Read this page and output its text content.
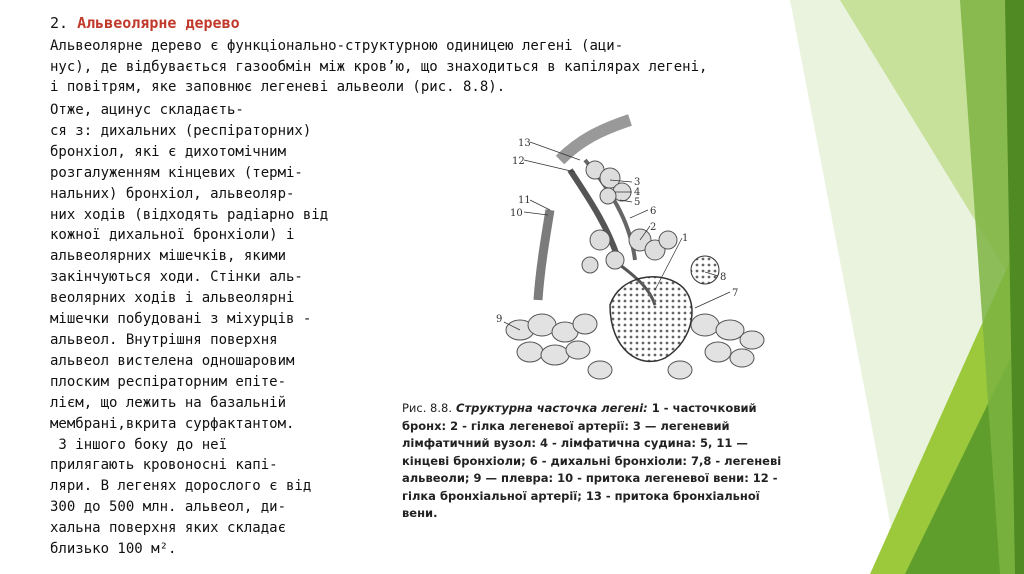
2. Альвеолярне дерево
Альвеолярне дерево є функціонально-структурною одиницею легені (аци-
нус), де відбувається газообмін між кров’ю, що знаходиться в капілярах легені,
і повітрям, яке заповнює легеневі альвеоли (рис. 8.8).
Отже, ацинус складаєть-
ся з: дихальних (респіраторних)
бронхіол, які є дихотомічним
розгалуженням кінцевих (термі-
нальних) бронхіол, альвеоляр-
них ходів (відходять радіарно від
кожної дихальної бронхіоли) і
альвеолярних мішечків, якими
закінчуються ходи. Стінки аль-
веолярних ходів і альвеолярні
мішечки побудовані з міхурців -
альвеол. Внутрішня поверхня
альвеол вистелена одношаровим
плоским респіраторним епіте-
лієм, що лежить на базальній
мембрані,вкрита сурфактантом.
З іншого боку до неї
прилягають кровоносні капі-
ляри. В легенях дорослого є від
300 до 500 млн. альвеол, ди-
хальна поверхня яких складає
близько 100 м².
13
12
11
10
3
4
5
6
2
1
7
8
9
Рис. 8.8. Структурна часточка легені: 1 - часточковий бронх: 2 - гілка легеневої артерії: 3 — легеневий лімфатичний вузол: 4 - лімфатична судина: 5, 11 — кінцеві бронхіоли; 6 - дихальні бронхіоли: 7,8 - легеневі альвеоли; 9 — плевра: 10 - притока легеневої вени: 12 - гілка бронхіальної артерії; 13 - притока бронхіальної вени.
